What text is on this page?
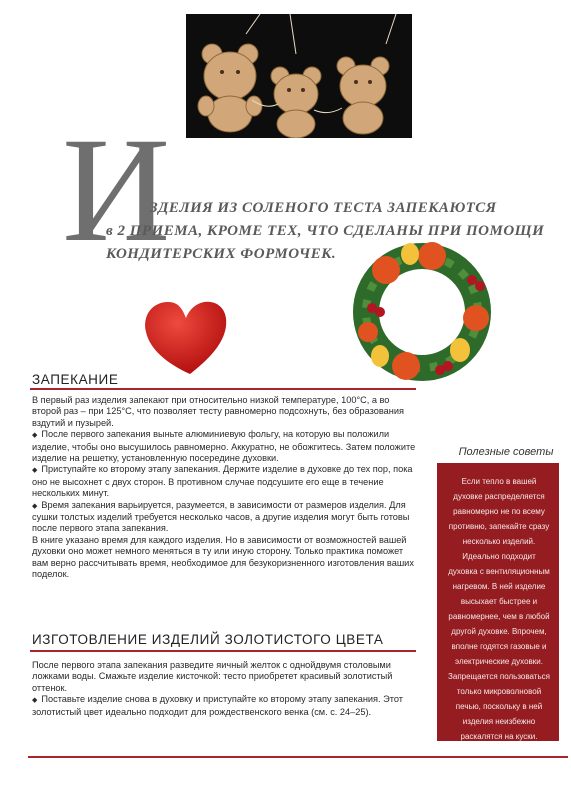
И
ЗДЕЛИЯ ИЗ СОЛЕНОГО ТЕСТА ЗАПЕКАЮТСЯ
в 2 ПРИЕМА, КРОМЕ ТЕХ, ЧТО СДЕЛАНЫ ПРИ ПОМОЩИ
КОНДИТЕРСКИХ ФОРМОЧЕК.
ЗАПЕКАНИЕ

В первый раз изделия запекают при относительно низкой температуре, 100°С, а во второй раз – при 125°С, что позволяет тесту равномерно подсохнуть, без образования вздутий и пузырей.

◆ После первого запекания выньте алюминиевую фольгу, на которую вы положили изделие, чтобы оно высушилось равномерно. Аккуратно, не обожгитесь. Затем положите изделие на решетку, установленную посередине духовки.

◆ Приступайте ко второму этапу запекания. Держите изделие в духовке до тех пор, пока оно не высохнет с двух сторон. В противном случае подсушите его еще в течение нескольких минут.

◆ Время запекания варьируется, разумеется, в зависимости от размеров изделия. Для сушки толстых изделий требуется несколько часов, а другие изделия могут быть готовы после первого этапа запекания.

В книге указано время для каждого изделия. Но в зависимости от возможностей вашей духовки оно может немного меняться в ту или иную сторону. Только практика поможет вам верно рассчитывать время, необходимое для безукоризненного изготовления ваших поделок.

ИЗГОТОВЛЕНИЕ ИЗДЕЛИЙ ЗОЛОТИСТОГО ЦВЕТА

После первого этапа запекания разведите яичный желток с однойдвумя столовыми ложками воды. Смажьте изделие кисточкой: тесто приобретет красивый золотистый оттенок.

◆ Поставьте изделие снова в духовку и приступайте ко второму этапу запекания. Этот золотистый цвет идеально подходит для рождественского венка (см. с. 24–25).

Полезные советы
Если тепло в вашей духовке распределяется равномерно не по всему противню, запекайте сразу несколько изделий. Идеально подходит духовка с вентиляционным нагревом. В ней изделие высыхает быстрее и равномернее, чем в любой другой духовке. Впрочем, вполне годятся газовые и электрические духовки. Запрещается пользоваться только микроволновой печью, поскольку в ней изделия неизбежно раскалятся на куски.
